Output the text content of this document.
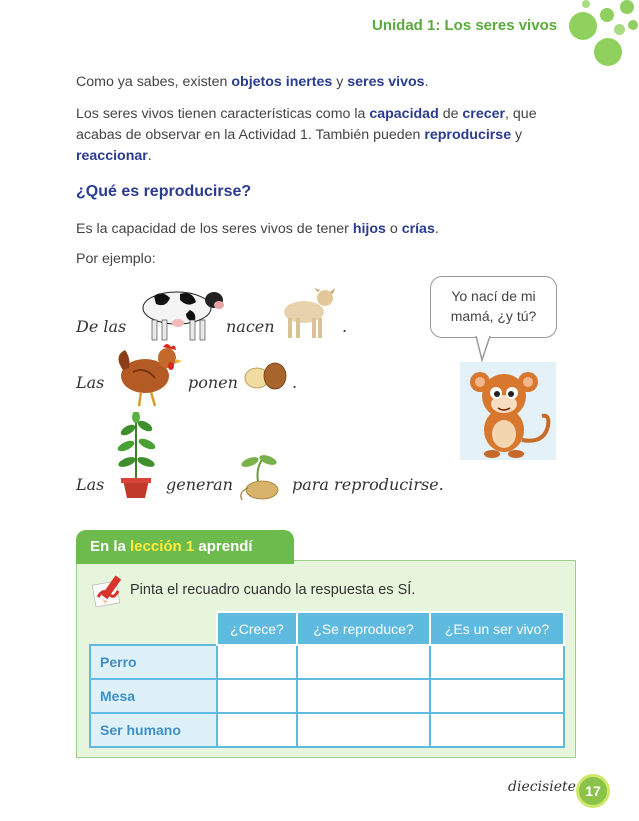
Unidad 1: Los seres vivos
Como ya sabes, existen objetos inertes y seres vivos.
Los seres vivos tienen características como la capacidad de crecer, que acabas de observar en la Actividad 1. También pueden reproducirse y reaccionar.
¿Qué es reproducirse?
Es la capacidad de los seres vivos de tener hijos o crías.
Por ejemplo:
De las	nacen	.
Las	ponen	.
Las	generan	para reproducirse.
Yo nací de mi
mamá, ¿y tú?
En la lección 1 aprendí
Pinta el recuadro cuando la respuesta es SÍ.
	¿Crece?	¿Se reproduce?	¿Es un ser vivo?
Perro			
Mesa			
Ser humano			
diecisiete 17
